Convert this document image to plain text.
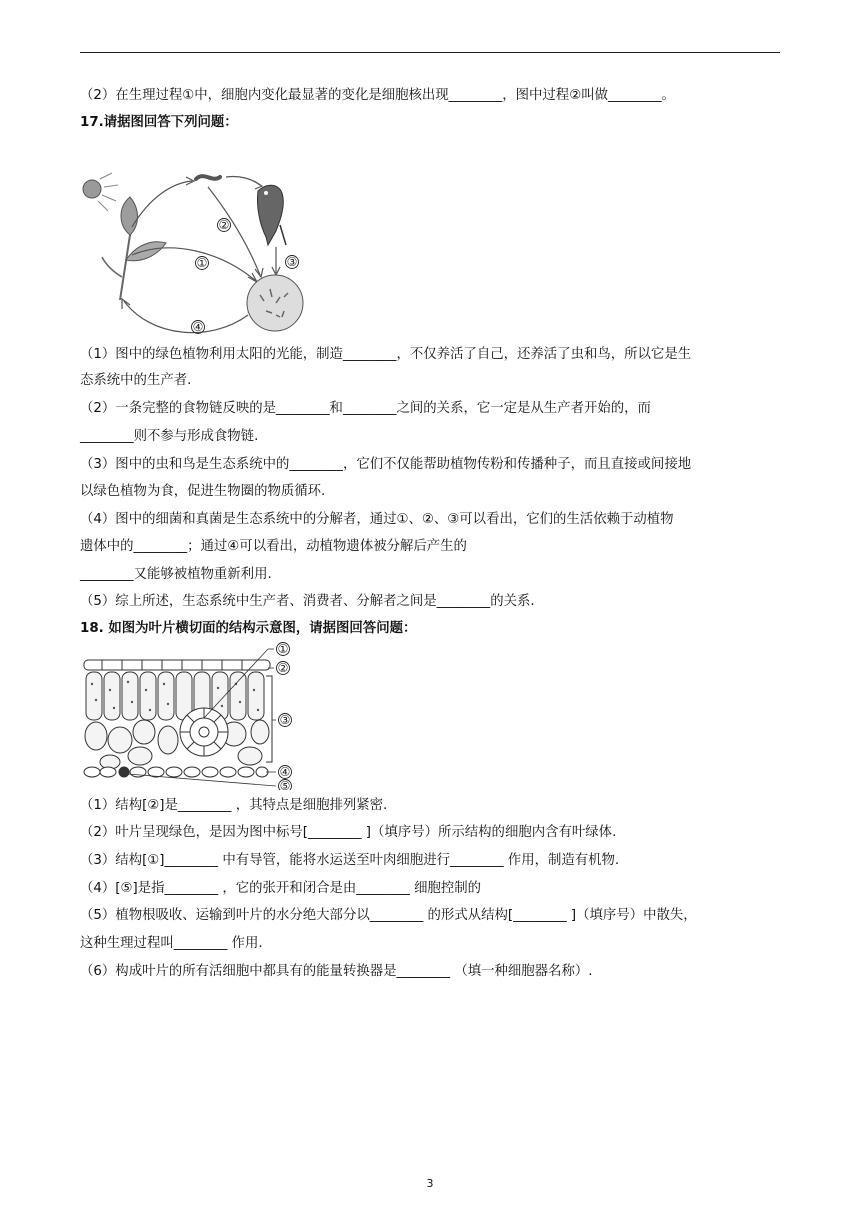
（2）在生理过程①中，细胞内变化最显著的变化是细胞核出现________，图中过程②叫做________。
17.请据图回答下列问题：
②
①	③
④
（1）图中的绿色植物利用太阳的光能，制造________，不仅养活了自己，还养活了虫和鸟，所以它是生
态系统中的生产者.
（2）一条完整的食物链反映的是________和________之间的关系，它一定是从生产者开始的，而
________则不参与形成食物链.
（3）图中的虫和鸟是生态系统中的________，它们不仅能帮助植物传粉和传播种子，而且直接或间接地
以绿色植物为食，促进生物圈的物质循环.
（4）图中的细菌和真菌是生态系统中的分解者，通过①、②、③可以看出，它们的生活依赖于动植物
遗体中的________；通过④可以看出，动植物遗体被分解后产生的
________又能够被植物重新利用.
（5）综上所述，生态系统中生产者、消费者、分解者之间是________的关系.
18. 如图为叶片横切面的结构示意图，请据图回答问题：
①
②
③
④
⑤
（1）结构[②]是________ ，其特点是细胞排列紧密.
（2）叶片呈现绿色，是因为图中标号[________ ]（填序号）所示结构的细胞内含有叶绿体.
（3）结构[①]________ 中有导管，能将水运送至叶肉细胞进行________ 作用，制造有机物.
（4）[⑤]是指________ ，它的张开和闭合是由________ 细胞控制的
（5）植物根吸收、运输到叶片的水分绝大部分以________ 的形式从结构[________ ]（填序号）中散失，
这种生理过程叫________ 作用.
（6）构成叶片的所有活细胞中都具有的能量转换器是________ （填一种细胞器名称）.
3
